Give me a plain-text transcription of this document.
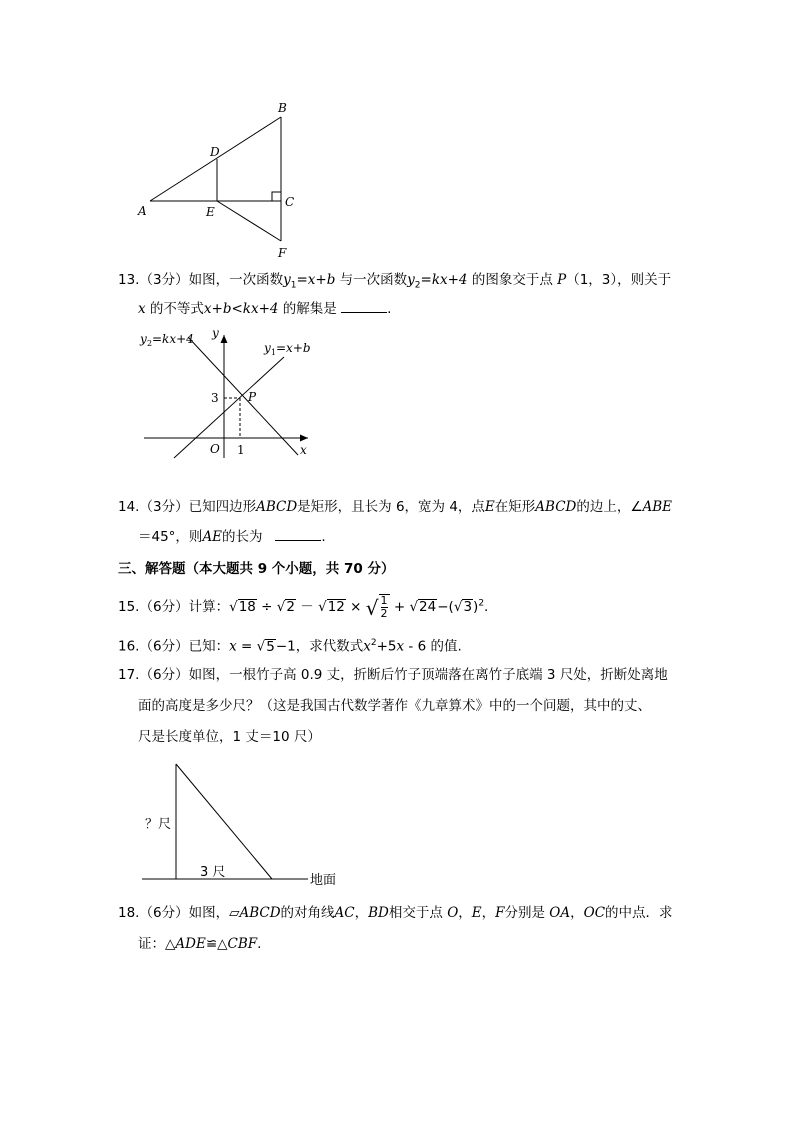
B
D
C
A	E
F
13.（3分）如图，一次函数$y_1=x+b$ 与一次函数$y_2=kx+4$ 的图象交于点 P（1，3），则关于
x 的不等式x+b<kx+4 的解集是	.
y 2 =kx+4
y 1 =x+b
y
x
O
P
3
1
14.（3分）已知四边形ABCD是矩形，且长为 6，宽为 4，点E在矩形ABCD的边上，∠ABE
＝45°，则AE的长为	.
三、解答题（本大题共 9 个小题，共 70 分）
15.（6分）计算：√18 ÷ √2 － √12 × √ $\frac{1}{2} + √24-(√3)^2$.
16.（6分）已知：x = √5−1，求代数式$x^2+5x - 6$ 的值.
17.（6分）如图，一根竹子高 0.9 丈，折断后竹子顶端落在离竹子底端 3 尺处，折断处离地
面的高度是多少尺？（这是我国古代数学著作《九章算术》中的一个问题，其中的丈、
尺是长度单位，1 丈＝10 尺）
？尺
3 尺
地面
18.（6分）如图，▱ABCD的对角线AC，BD相交于点 O，E，F分别是 OA，OC的中点．求
证：△ADE≌△CBF.
